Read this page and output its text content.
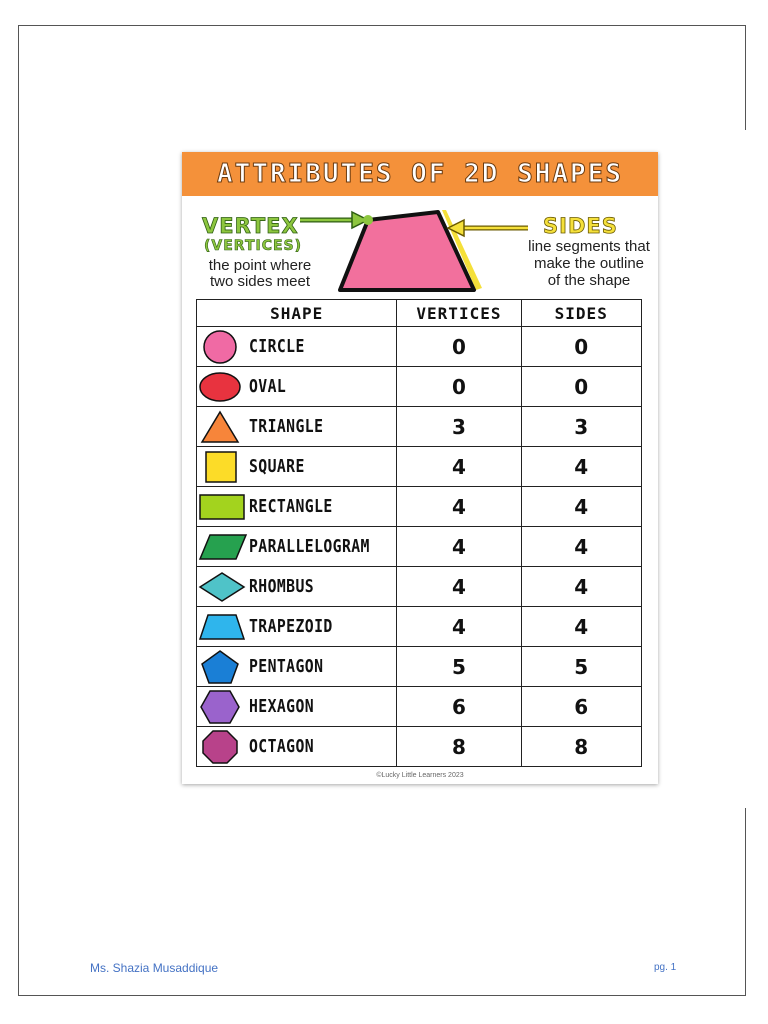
ATTRIBUTES OF 2D SHAPES
VERTEX
(VERTICES)
the point where
two sides meet
SIDES
line segments that
make the outline
of the shape
SHAPE	VERTICES	SIDES

CIRCLE	0	0

OVAL	0	0

TRIANGLE	3	3

SQUARE	4	4

RECTANGLE	4	4

PARALLELOGRAM	4	4

RHOMBUS	4	4

TRAPEZOID	4	4

PENTAGON	5	5

HEXAGON	6	6

OCTAGON	8	8
©Lucky Little Learners 2023
Ms. Shazia Musaddique	pg. 1
